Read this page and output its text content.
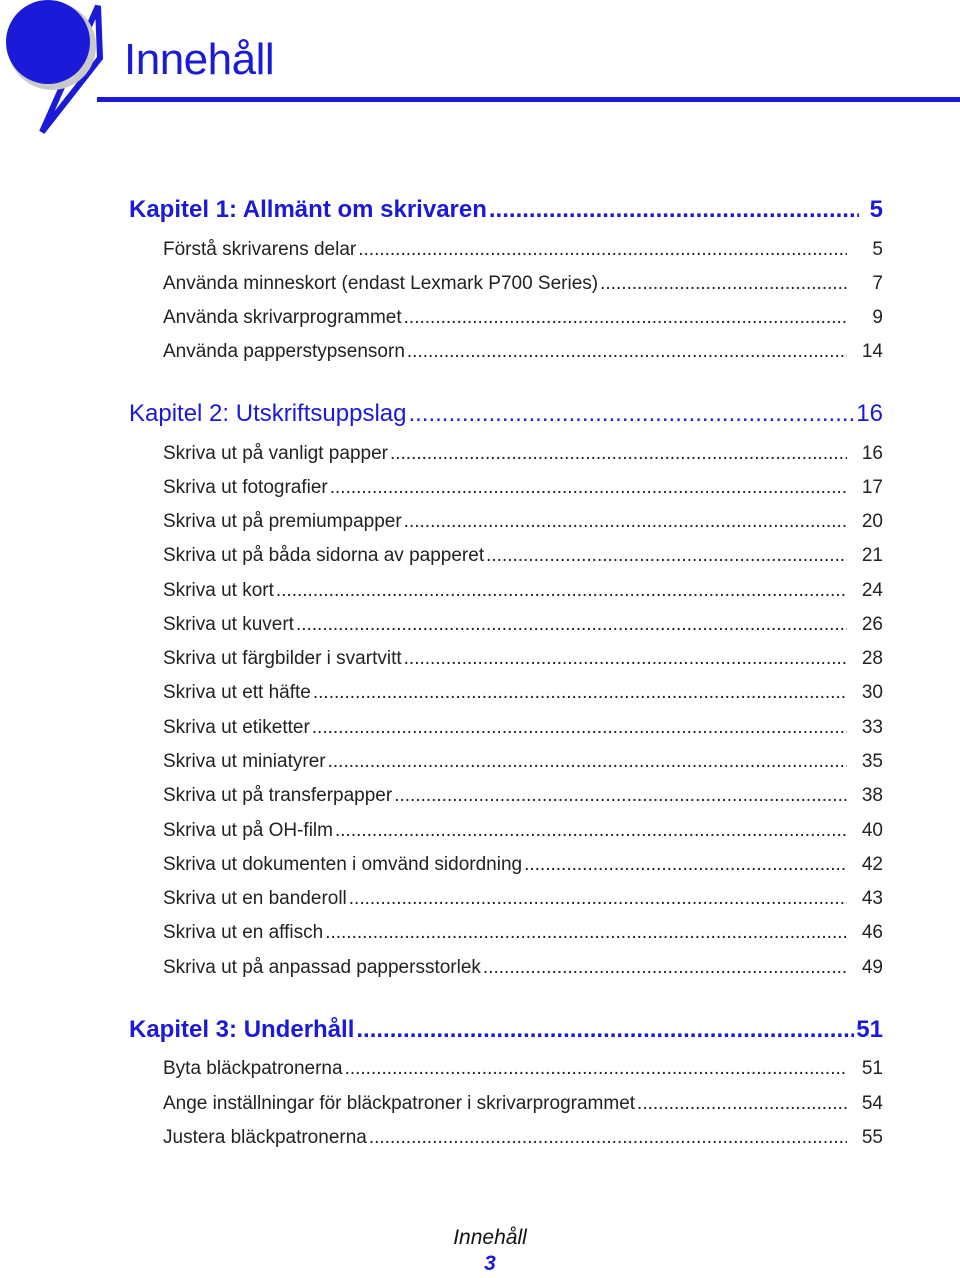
Innehåll
Kapitel 1: Allmänt om skrivaren .....	5
Förstå skrivarens delar .....	5
Använda minneskort (endast Lexmark P700 Series) .....	7
Använda skrivarprogrammet .....	9
Använda papperstypsensorn .....	14
Kapitel 2: Utskriftsuppslag .....	16
Skriva ut på vanligt papper .....	16
Skriva ut fotografier .....	17
Skriva ut på premiumpapper .....	20
Skriva ut på båda sidorna av papperet .....	21
Skriva ut kort .....	24
Skriva ut kuvert .....	26
Skriva ut färgbilder i svartvitt .....	28
Skriva ut ett häfte .....	30
Skriva ut etiketter .....	33
Skriva ut miniatyrer .....	35
Skriva ut på transferpapper .....	38
Skriva ut på OH-film .....	40
Skriva ut dokumenten i omvänd sidordning .....	42
Skriva ut en banderoll .....	43
Skriva ut en affisch .....	46
Skriva ut på anpassad pappersstorlek .....	49
Kapitel 3: Underhåll .....	51
Byta bläckpatronerna .....	51
Ange inställningar för bläckpatroner i skrivarprogrammet .....	54
Justera bläckpatronerna .....	55
Innehåll
3
